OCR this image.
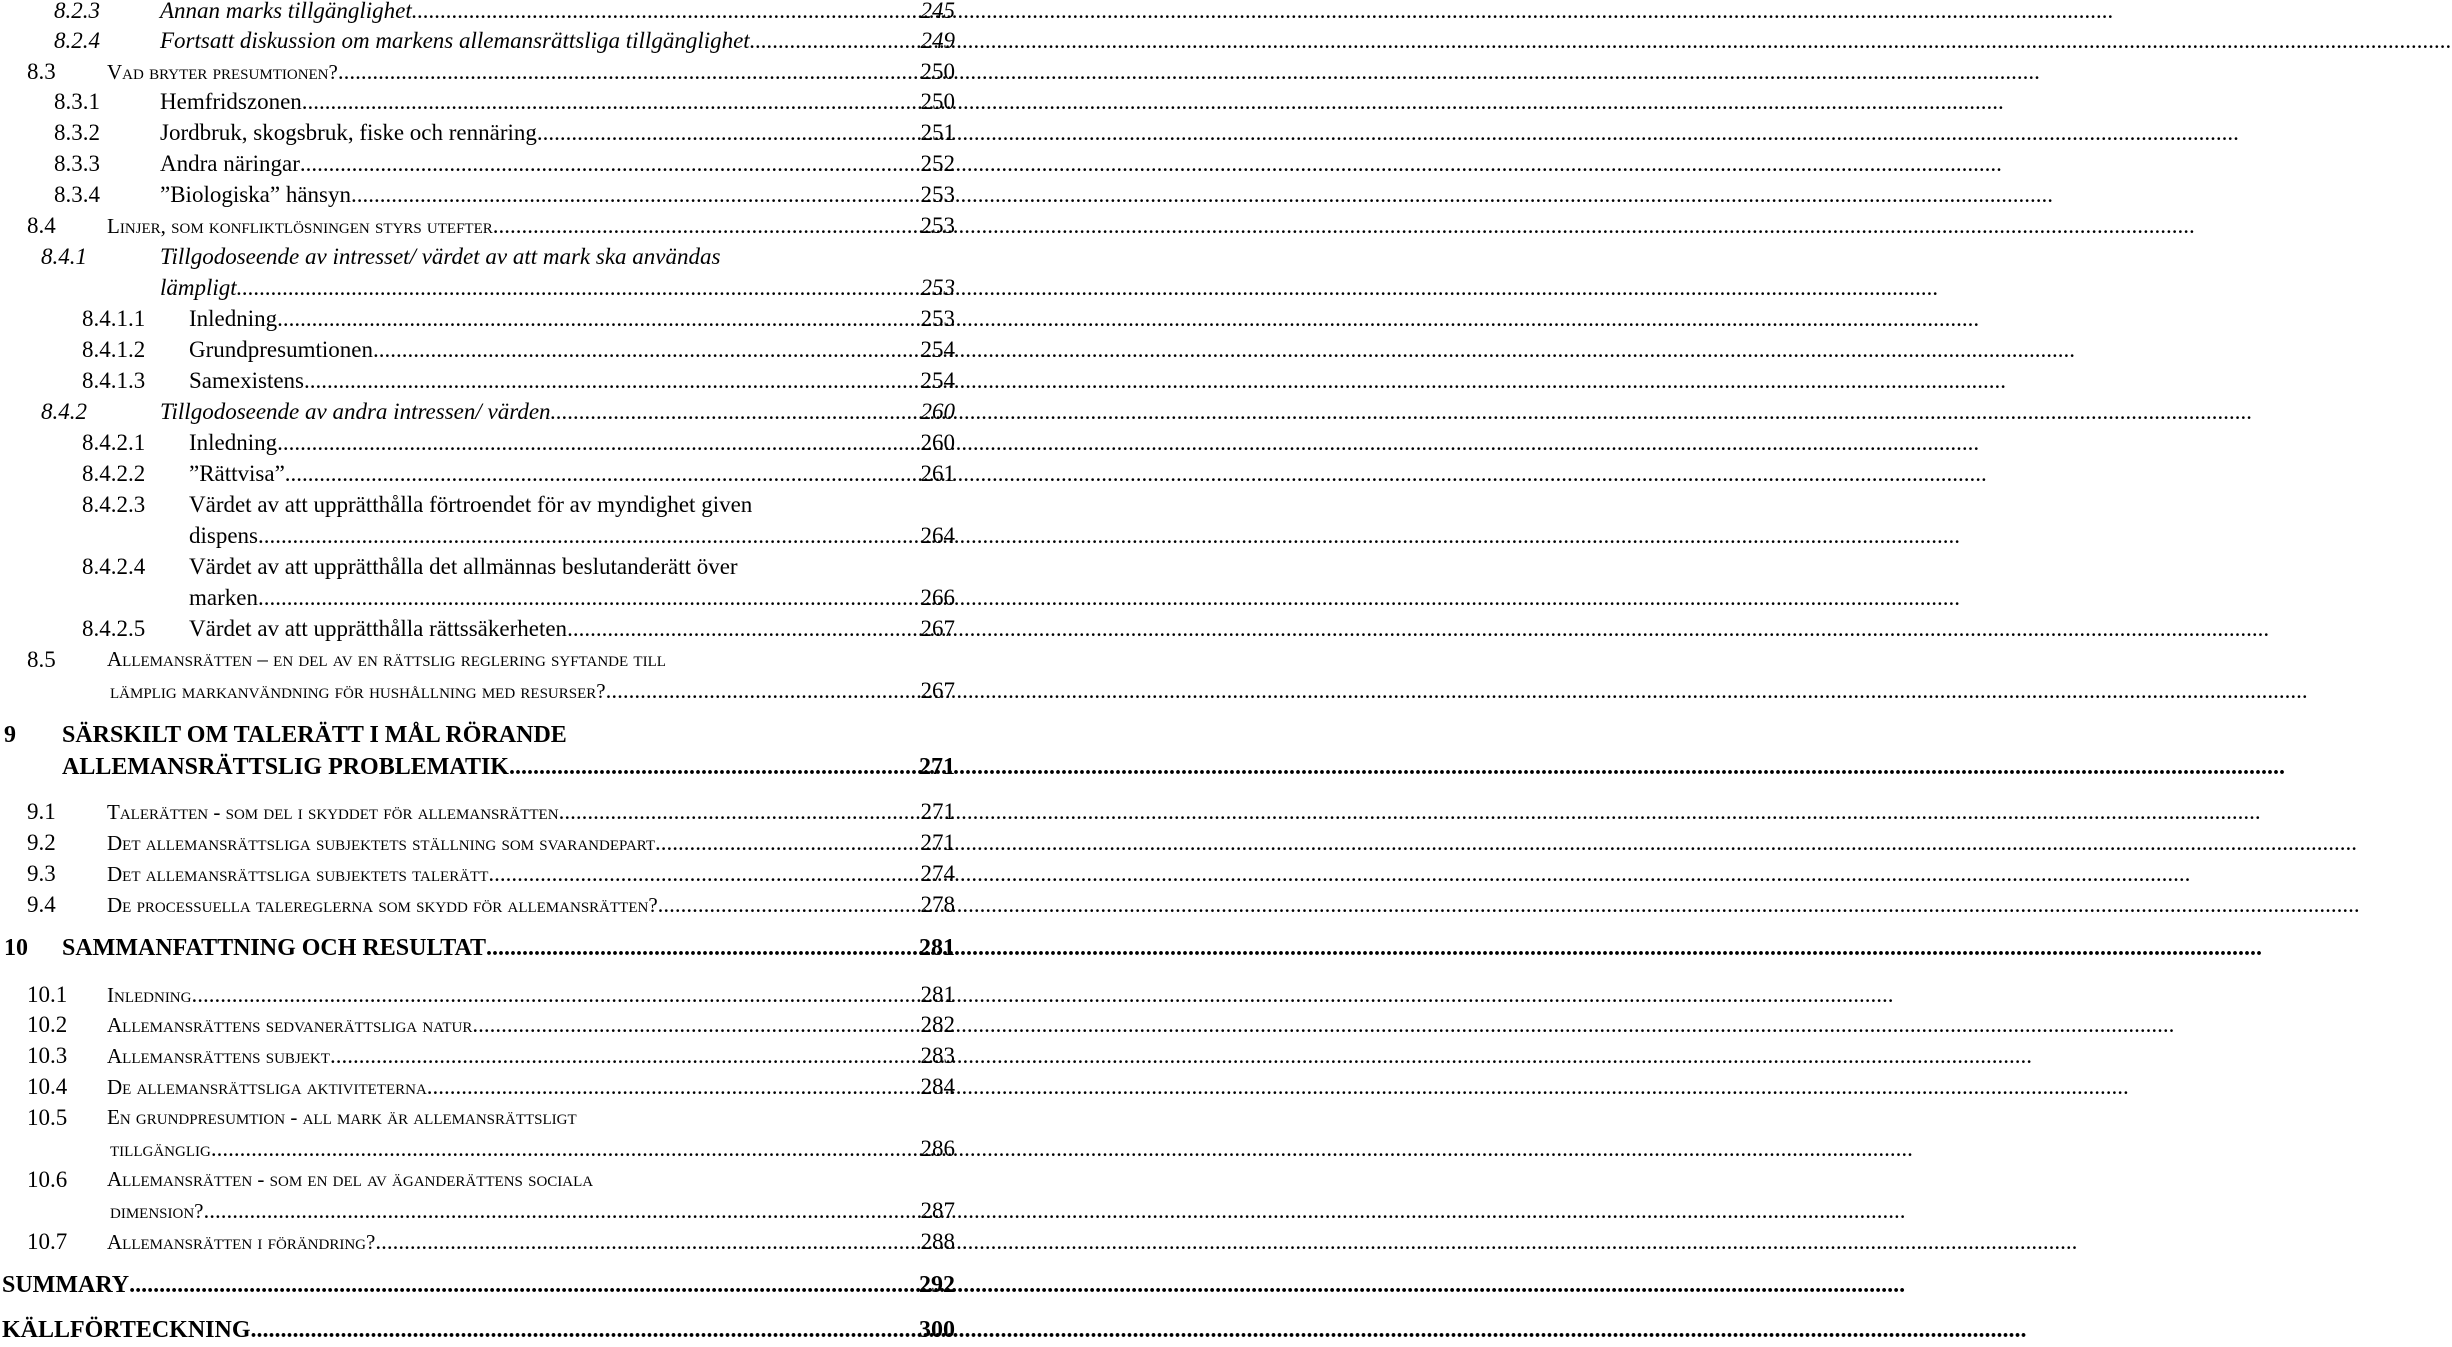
8.2.3	Annan marks tillgänglighet .....	245
8.2.4	Fortsatt diskussion om markens allemansrättsliga tillgänglighet .....	249
8.3 Vad bryter presumtionen? .....	250
8.3.1	Hemfridszonen .....	250
8.3.2	Jordbruk, skogsbruk, fiske och rennäring .....	251
8.3.3	Andra näringar .....	252
8.3.4	”Biologiska” hänsyn .....	253
8.4 Linjer, som konfliktlösningen styrs utefter .....	253
8.4.1	Tillgodoseende av intresset/ värdet av att mark ska användas
lämpligt .....	253
8.4.1.1 Inledning .....	253
8.4.1.2 Grundpresumtionen .....	254
8.4.1.3 Samexistens .....	254
8.4.2	Tillgodoseende av andra intressen/ värden .....	260
8.4.2.1 Inledning .....	260
8.4.2.2 ”Rättvisa” .....	261
8.4.2.3 Värdet av att upprätthålla förtroendet för av myndighet given
dispens .....	264
8.4.2.4 Värdet av att upprätthålla det allmännas beslutanderätt över
marken .....	266
8.4.2.5 Värdet av att upprätthålla rättssäkerheten .....	267
8.5 Allemansrätten – en del av en rättslig reglering syftande till
lämplig markanvändning för hushållning med resurser? .....	267
9 SÄRSKILT OM TALERÄTT I MÅL RÖRANDE
ALLEMANSRÄTTSLIG PROBLEMATIK .....	271
9.1 Talerätten - som del i skyddet för allemansrätten .....	271
9.2 Det allemansrättsliga subjektets ställning som svarandepart .....	271
9.3 Det allemansrättsliga subjektets talerätt .....	274
9.4 De processuella talereglerna som skydd för allemansrätten? .....	278
10 SAMMANFATTNING OCH RESULTAT .....	281
10.1 Inledning .....	281
10.2 Allemansrättens sedvanerättsliga natur .....	282
10.3 Allemansrättens subjekt .....	283
10.4 De allemansrättsliga aktiviteterna .....	284
10.5 En grundpresumtion - all mark är allemansrättsligt
tillgänglig .....	286
10.6 Allemansrätten - som en del av äganderättens sociala
dimension? .....	287
10.7 Allemansrätten i förändring? .....	288
SUMMARY .....	292
KÄLLFÖRTECKNING .....	300
